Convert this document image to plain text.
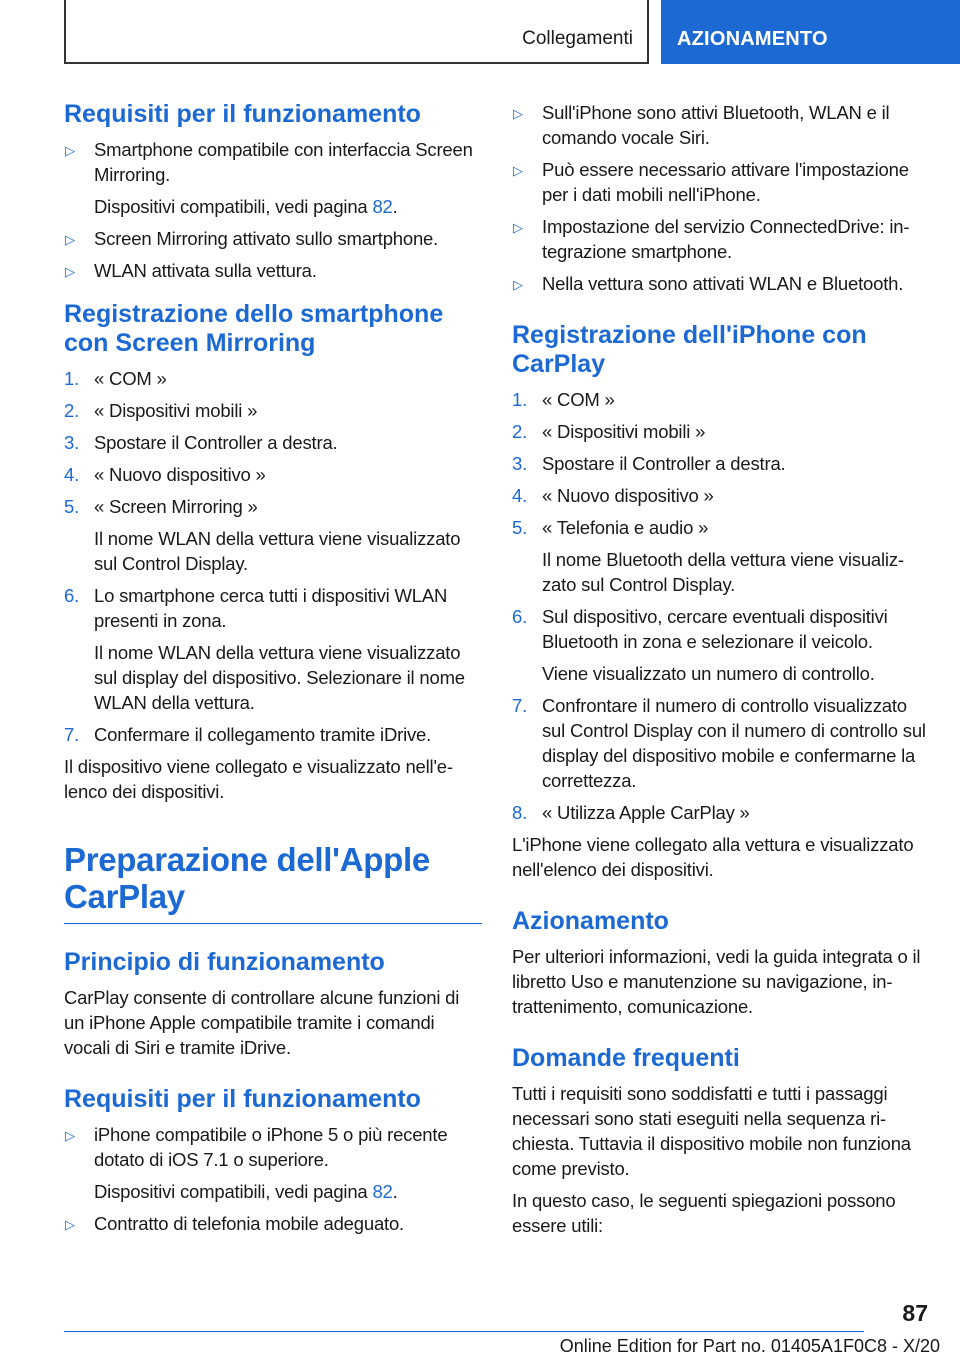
Collegamenti AZIONAMENTO
Requisiti per il funzionamento
▷ Smartphone compatibile con interfaccia Screen Mirroring.
Dispositivi compatibili, vedi pagina 82.
▷ Screen Mirroring attivato sullo smartphone.
▷ WLAN attivata sulla vettura.
Registrazione dello smartphone con Screen Mirroring
1. « COM »
2. « Dispositivi mobili »
3. Spostare il Controller a destra.
4. « Nuovo dispositivo »
5. « Screen Mirroring »
Il nome WLAN della vettura viene visualizzato sul Control Display.
6. Lo smartphone cerca tutti i dispositivi WLAN presenti in zona.
Il nome WLAN della vettura viene visualizzato sul display del dispositivo. Selezionare il nome WLAN della vettura.
7. Confermare il collegamento tramite iDrive.
Il dispositivo viene collegato e visualizzato nell'elenco dei dispositivi.
Preparazione dell'Apple CarPlay
Principio di funzionamento
CarPlay consente di controllare alcune funzioni di un iPhone Apple compatibile tramite i comandi vocali di Siri e tramite iDrive.
Requisiti per il funzionamento
▷ iPhone compatibile o iPhone 5 o più recente dotato di iOS 7.1 o superiore.
Dispositivi compatibili, vedi pagina 82.
▷ Contratto di telefonia mobile adeguato.
▷ Sull'iPhone sono attivi Bluetooth, WLAN e il comando vocale Siri.
▷ Può essere necessario attivare l'impostazione per i dati mobili nell'iPhone.
▷ Impostazione del servizio ConnectedDrive: integrazione smartphone.
▷ Nella vettura sono attivati WLAN e Bluetooth.
Registrazione dell'iPhone con CarPlay
1. « COM »
2. « Dispositivi mobili »
3. Spostare il Controller a destra.
4. « Nuovo dispositivo »
5. « Telefonia e audio »
Il nome Bluetooth della vettura viene visualizzato sul Control Display.
6. Sul dispositivo, cercare eventuali dispositivi Bluetooth in zona e selezionare il veicolo.
Viene visualizzato un numero di controllo.
7. Confrontare il numero di controllo visualizzato sul Control Display con il numero di controllo sul display del dispositivo mobile e confermarne la correttezza.
8. « Utilizza Apple CarPlay »
L'iPhone viene collegato alla vettura e visualizzato nell'elenco dei dispositivi.
Azionamento
Per ulteriori informazioni, vedi la guida integrata o il libretto Uso e manutenzione su navigazione, intrattenimento, comunicazione.
Domande frequenti
Tutti i requisiti sono soddisfatti e tutti i passaggi necessari sono stati eseguiti nella sequenza richiesta. Tuttavia il dispositivo mobile non funziona come previsto.
In questo caso, le seguenti spiegazioni possono essere utili:
87
Online Edition for Part no. 01405A1F0C8 - X/20
